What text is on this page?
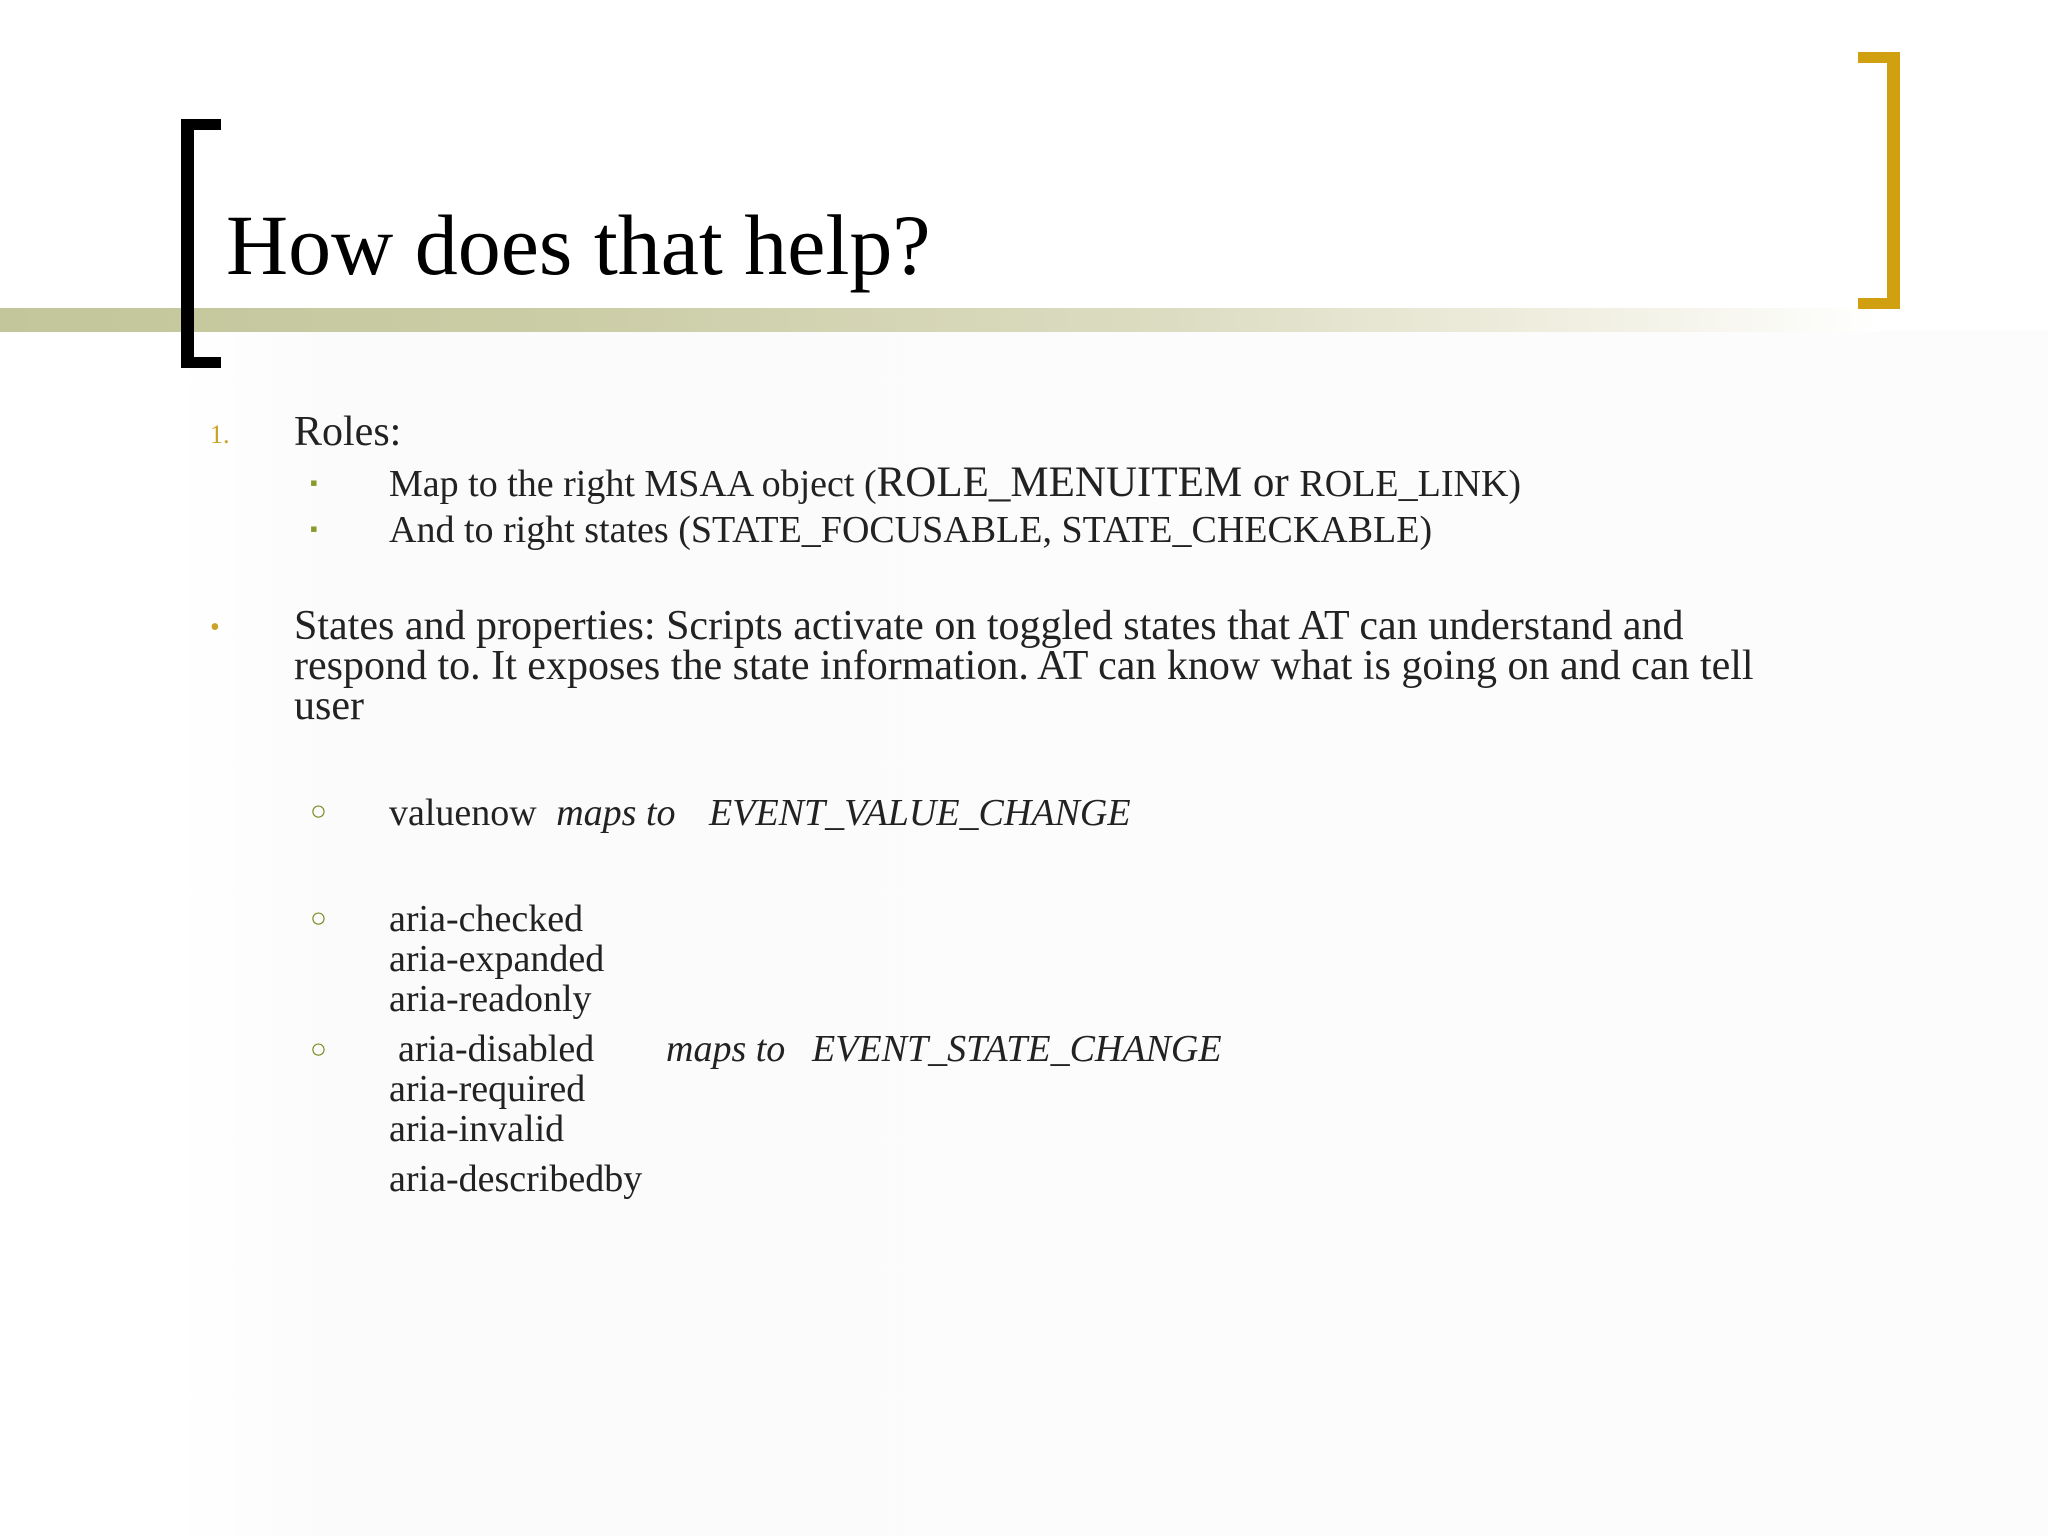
How does that help?
1. Roles:
▪ Map to the right MSAA object (ROLE_MENUITEM or ROLE_LINK)
▪ And to right states (STATE_FOCUSABLE, STATE_CHECKABLE)
• States and properties: Scripts activate on toggled states that AT can understand and
respond to. It exposes the state information. AT can know what is going on and can tell
user
○ valuenow maps to EVENT_VALUE_CHANGE
○ aria-checked
aria-expanded
aria-readonly
○ aria-disabled maps to EVENT_STATE_CHANGE
aria-required
aria-invalid
aria-describedby
